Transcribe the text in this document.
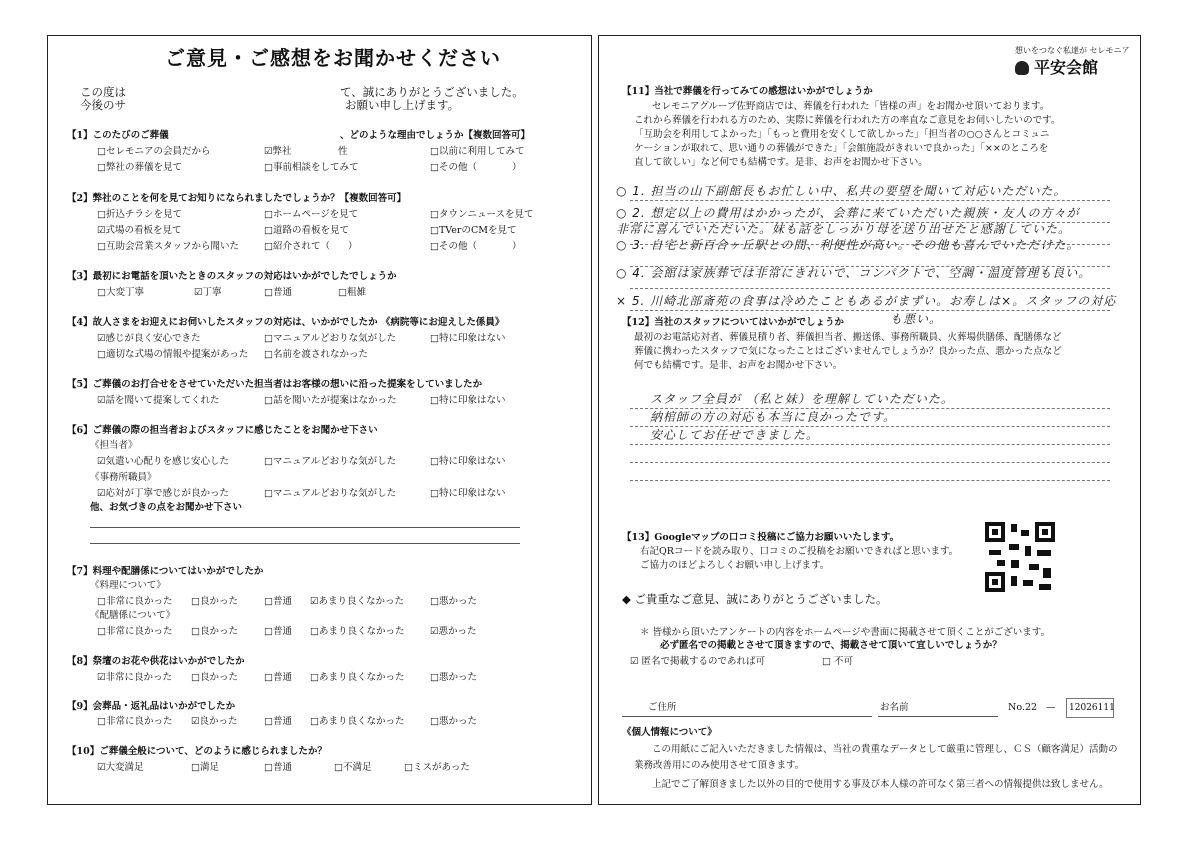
ご意見・ご感想をお聞かせください
この度は	て、誠にありがとうございました。
今後のサ	お願い申し上げます。
【1】このたびのご葬儀	、どのような理由でしょうか【複数回答可】
□セレモニアの会員だから	☑弊社	性	□以前に利用してみて
□弊社の葬儀を見て	□事前相談をしてみて	□その他（	）
【2】弊社のことを何を見てお知りになられましたでしょうか？【複数回答可】
□折込チラシを見て	□ホームページを見て	□タウンニュースを見て
☑式場の看板を見て	□道路の看板を見て	□TVerのCMを見て
□互助会営業スタッフから聞いた	□紹介されて（ ）	□その他（	）
【3】最初にお電話を頂いたときのスタッフの対応はいかがでしたでしょうか
□大変丁寧	☑丁寧	□普通	□粗雑
【4】故人さまをお迎えにお伺いしたスタッフの対応は、いかがでしたか 《病院等にお迎えした係員》
☑感じが良く安心できた	□マニュアルどおりな気がした	□特に印象はない
□適切な式場の情報や提案があった □名前を渡されなかった
【5】ご葬儀のお打合せをさせていただいた担当者はお客様の想いに沿った提案をしていましたか
☑話を聞いて提案してくれた	□話を聞いたが提案はなかった	□特に印象はない
【6】ご葬儀の際の担当者およびスタッフに感じたことをお聞かせ下さい
《担当者》
☑気遣い心配りを感じ安心した	□マニュアルどおりな気がした	□特に印象はない
《事務所職員》
☑応対が丁寧で感じが良かった	□マニュアルどおりな気がした	□特に印象はない
他、お気づきの点をお聞かせ下さい
【7】料理や配膳係についてはいかがでしたか
《料理について》
□非常に良かった □良かった	□普通 ☑あまり良くなかった	□悪かった
《配膳係について》
□非常に良かった □良かった	□普通 □あまり良くなかった	☑悪かった
【8】祭壇のお花や供花はいかがでしたか
☑非常に良かった □良かった	□普通 □あまり良くなかった	□悪かった
【9】会葬品・返礼品はいかがでしたか
□非常に良かった ☑良かった	□普通 □あまり良くなかった	□悪かった
【10】ご葬儀全般について、どのように感じられましたか？
☑大変満足	□満足	□普通	□不満足	□ミスがあった
想いをつなぐ私達が セレモニア
平安会館
【11】当社で葬儀を行ってみての感想はいかがでしょうか
セレモニアグループ佐野商店では、葬儀を行われた「皆様の声」をお聞かせ頂いております。
これから葬儀を行われる方のため、実際に葬儀を行われた方の率直なご意見をお伺いしたいのです。
「互助会を利用してよかった」「もっと費用を安くして欲しかった」「担当者の○○さんとコミュニ
ケーションが取れて、思い通りの葬儀ができた」「会館施設がきれいで良かった」「××のところを
直して欲しい」など何でも結構です。是非、お声をお聞かせ下さい。
○ 1. 担当の山下副館長もお忙しい中、私共の要望を聞いて対応いただいた。
○ 2. 想定以上の費用はかかったが、会葬に来ていただいた親族・友人の方々が
非常に喜んでいただいた。妹も話をしっかり母を送り出せたと感謝していた。
○ 3. 自宅と新百合ヶ丘駅との間、利便性が高い。その他も喜んでいただけた。
○ 4. 会館は家族葬では非常にきれいで、コンパクトで、空調・温度管理も良い。
× 5. 川崎北部斎苑の食事は冷めたこともあるがまずい。お寿しは×。スタッフの対応
も悪い。
【12】当社のスタッフについてはいかがでしょうか
最初のお電話応対者、葬儀見積り者、葬儀担当者、搬送係、事務所職員、火葬場供膳係、配膳係など
葬儀に携わったスタッフで気になったことはございませんでしょうか？良かった点、悪かった点など
何でも結構です。是非、お声をお聞かせ下さい。
スタッフ全員が （私と妹）を理解していただいた。
納棺師の方の対応も本当に良かったです。
安心してお任せできました。
【13】Googleマップの口コミ投稿にご協力お願いいたします。
右記QRコードを読み取り、口コミのご投稿をお願いできればと思います。
ご協力のほどよろしくお願い申し上げます。
◆ ご貴重なご意見、誠にありがとうございました。
＊ 皆様から頂いたアンケートの内容をホームページや書面に掲載させて頂くことがございます。
必ず匿名での掲載とさせて頂きますので、掲載させて頂いて宜しいでしょうか？
☑ 匿名で掲載するのであれば可	□ 不可
ご住所	お名前	No. 22 — 12026111
《個人情報について》
この用紙にご記入いただきました情報は、当社の貴重なデータとして厳重に管理し、ＣＳ（顧客満足）活動の
業務改善用にのみ使用させて頂きます。
上記でご了解頂きました以外の目的で使用する事及び本人様の許可なく第三者への情報提供は致しません。
